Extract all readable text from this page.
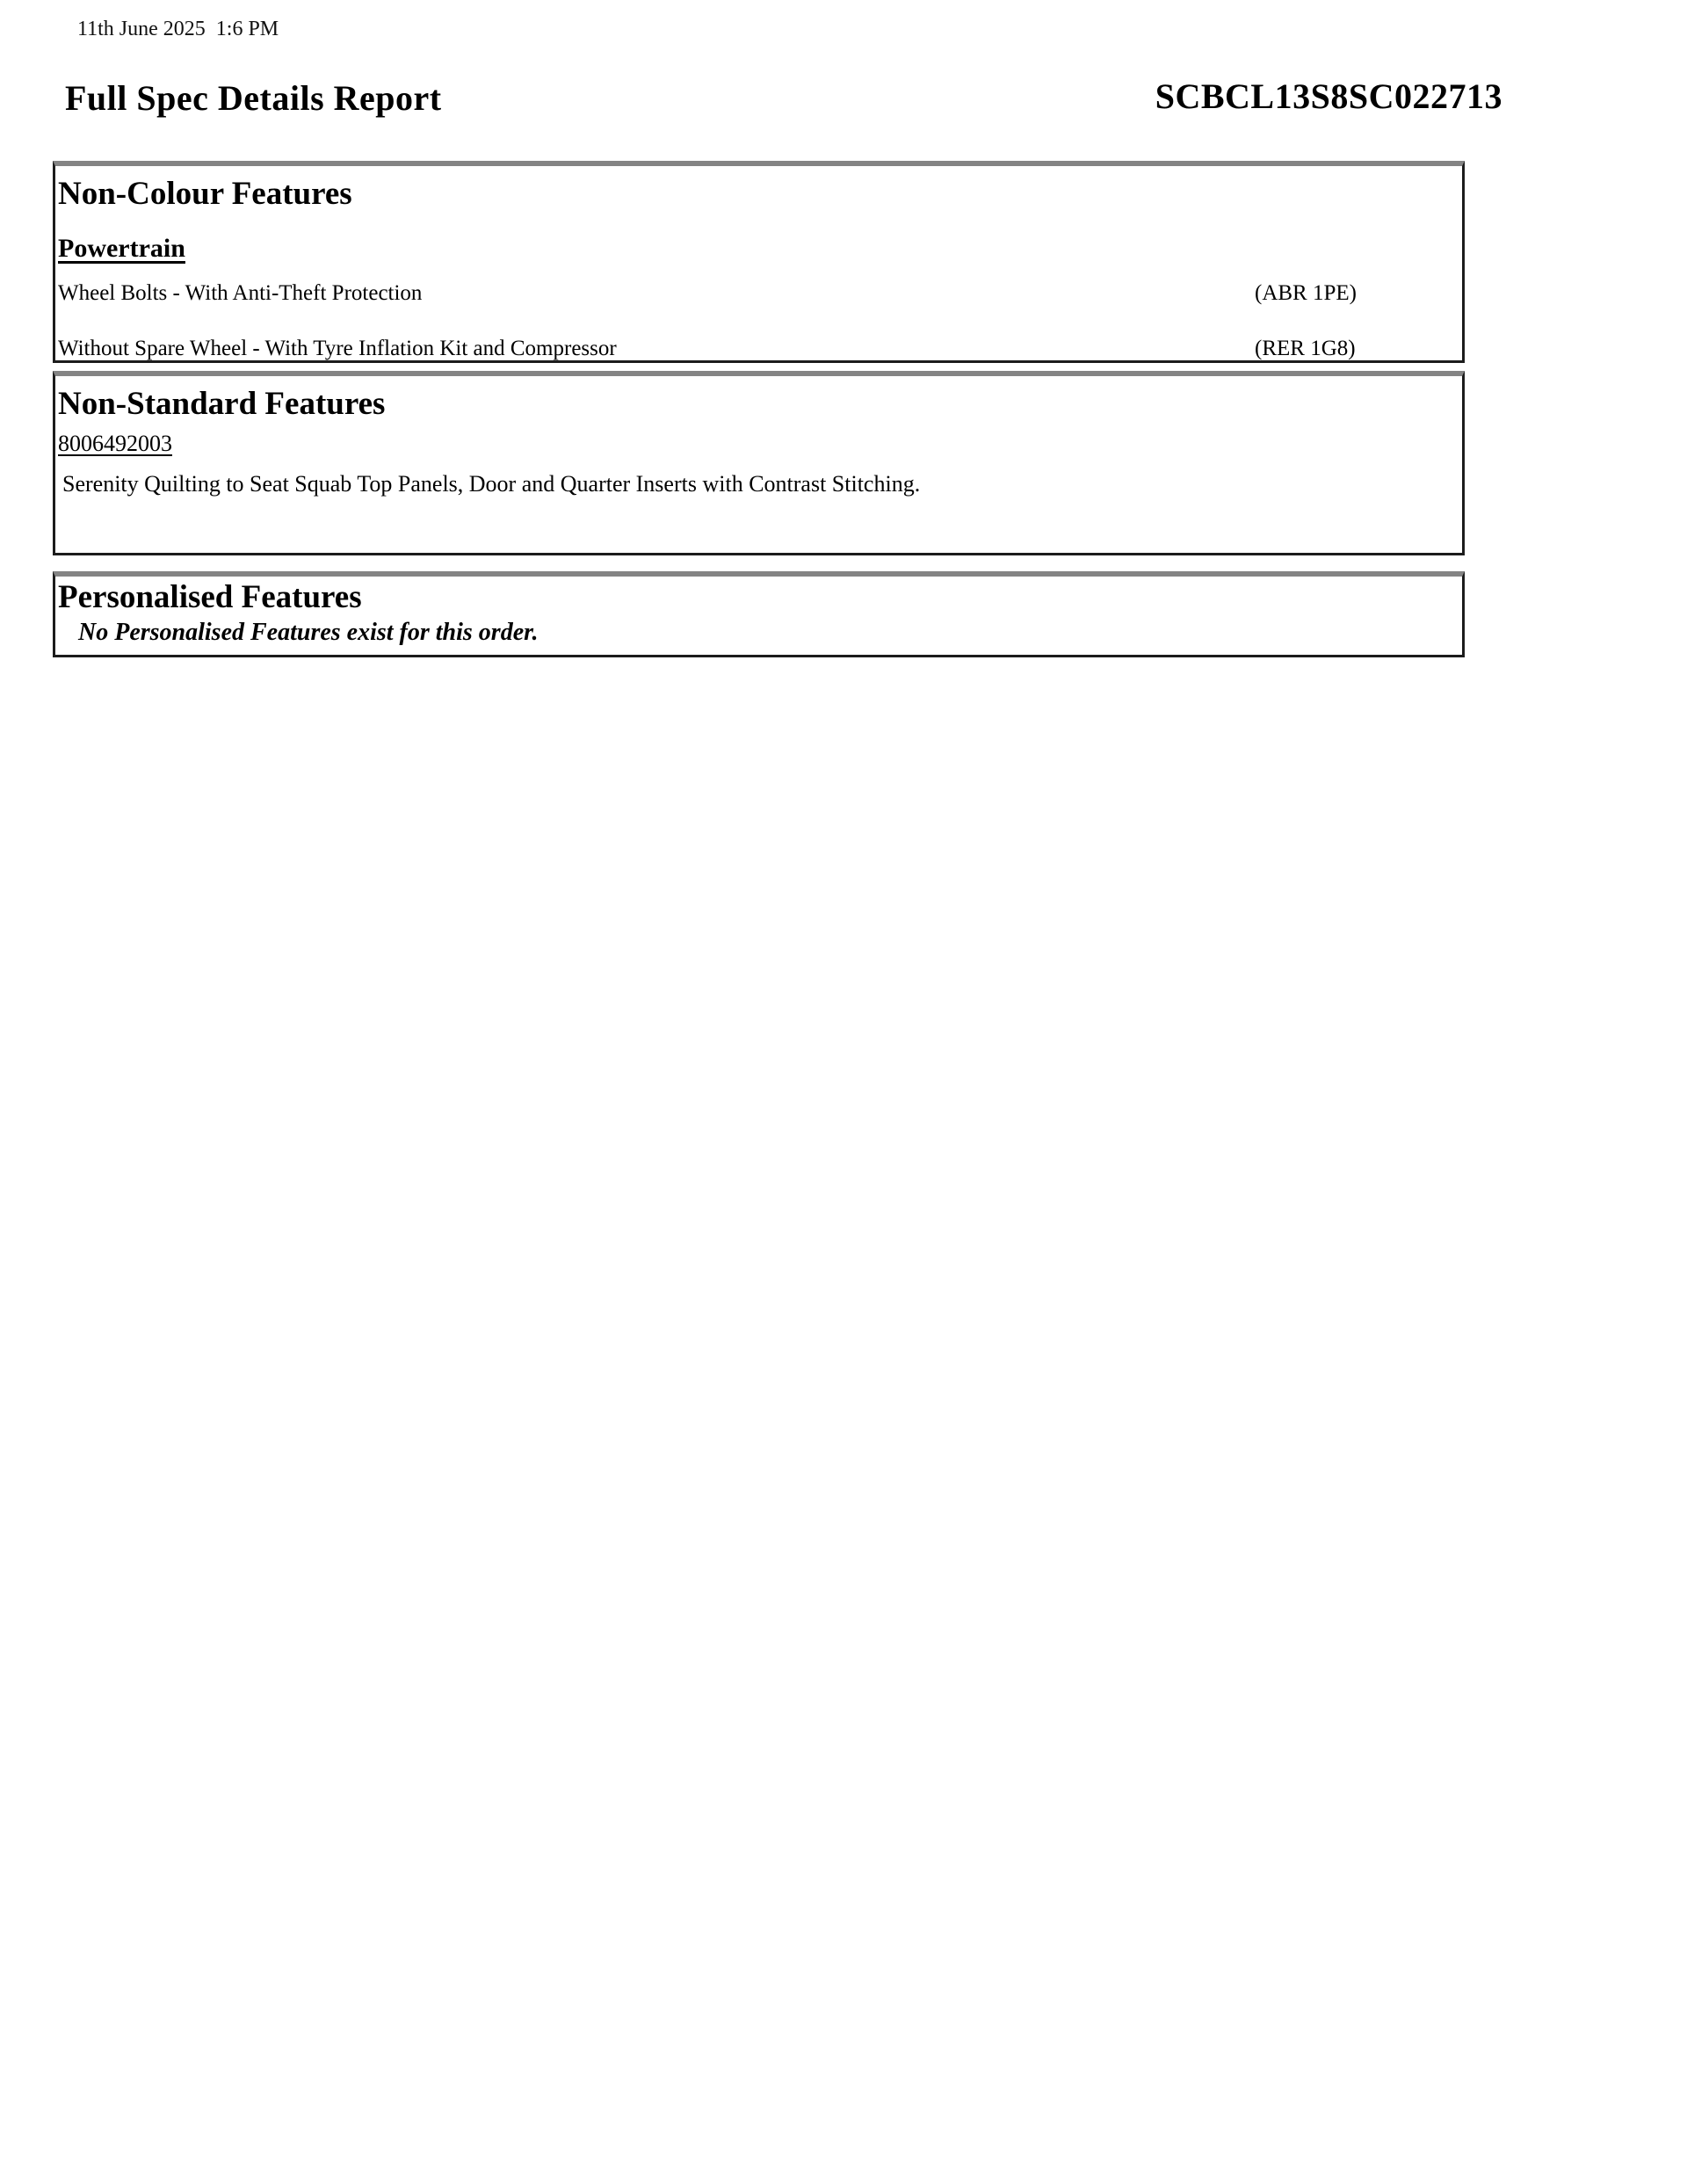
11th June 2025  1:6 PM
Full Spec Details Report	SCBCL13S8SC022713
Non-Colour Features
Powertrain
Wheel Bolts - With Anti-Theft Protection	(ABR 1PE)
Without Spare Wheel - With Tyre Inflation Kit and Compressor	(RER 1G8)
Non-Standard Features
8006492003
Serenity Quilting to Seat Squab Top Panels, Door and Quarter Inserts with Contrast Stitching.
Personalised Features
No Personalised Features exist for this order.
